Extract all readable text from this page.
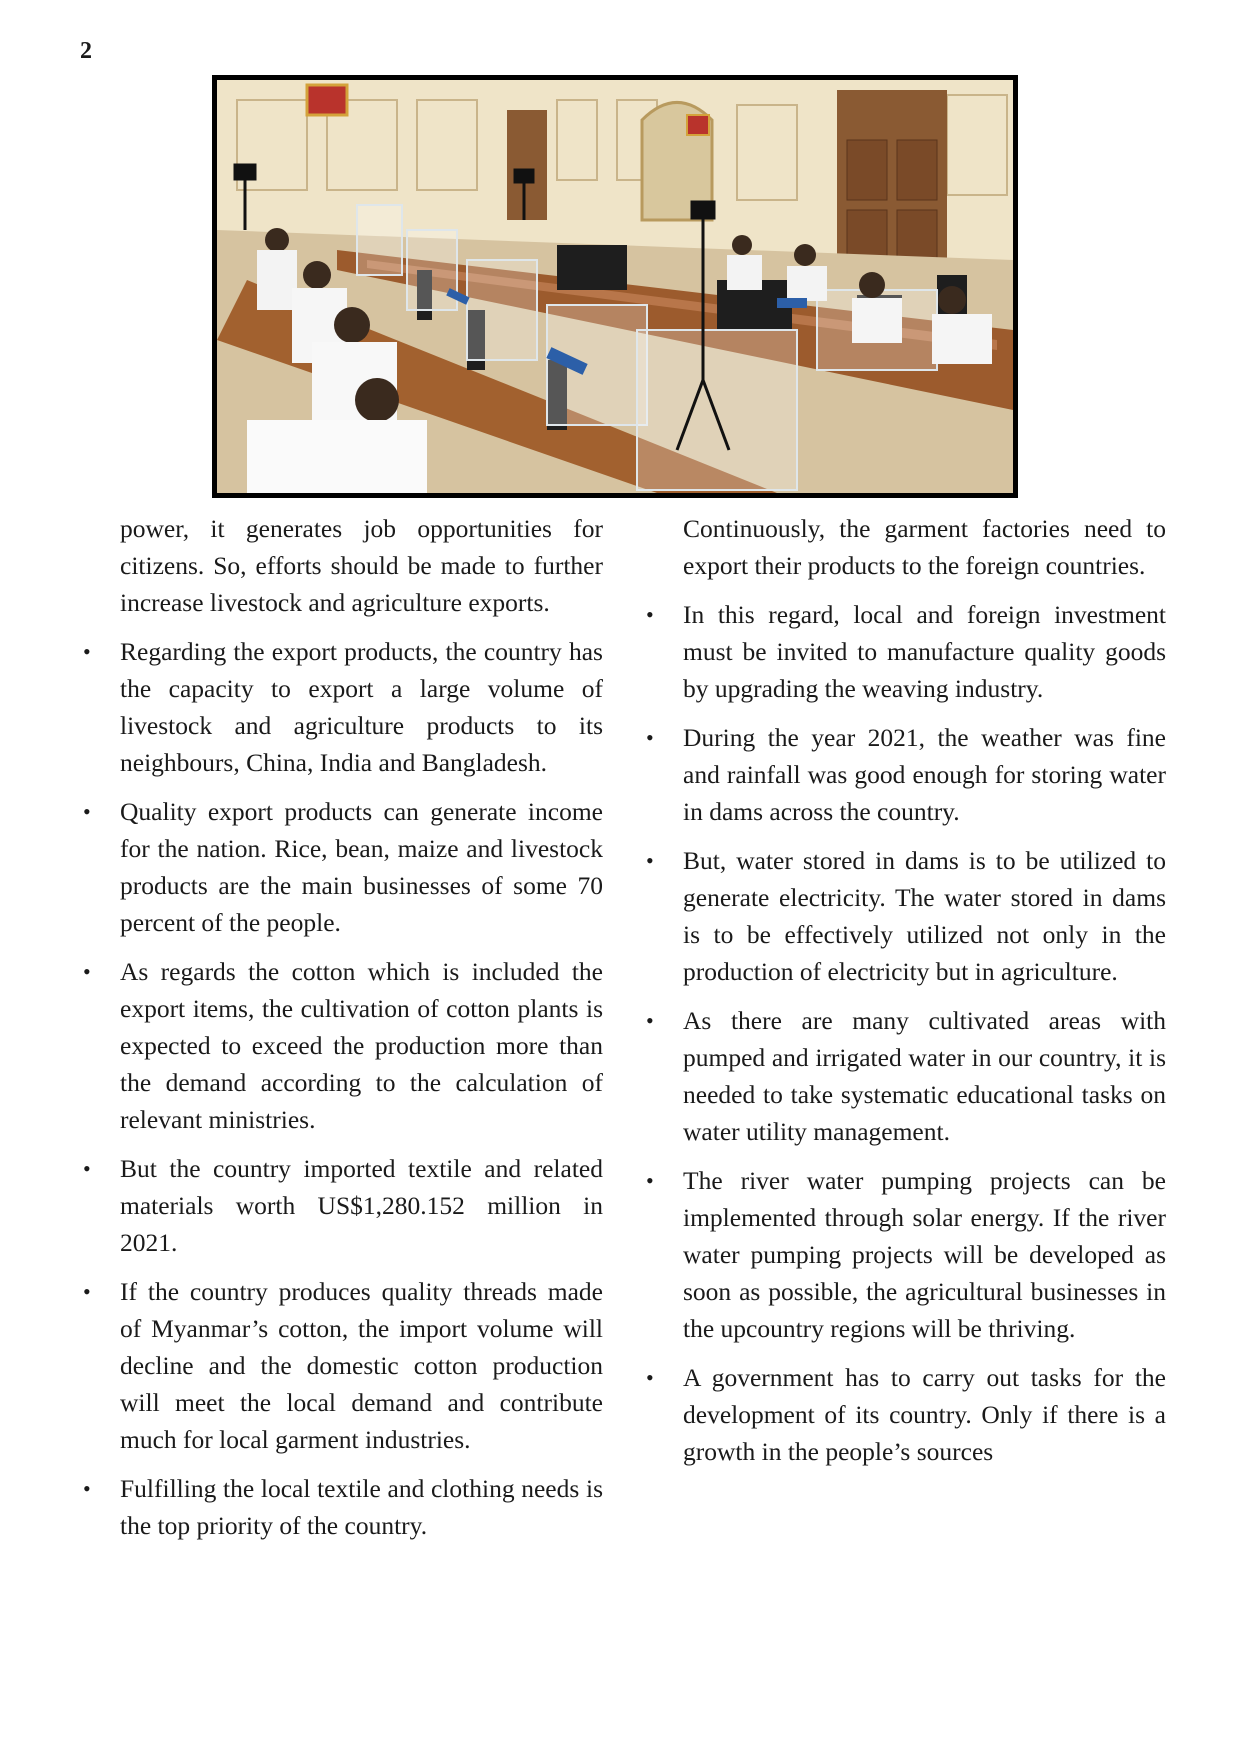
2

power, it generates job opportunities for citizens. So, efforts should be made to further increase livestock and agriculture exports.

• Regarding the export products, the country has the capacity to export a large volume of livestock and agriculture products to its neighbours, China, India and Bangladesh.
• Quality export products can generate income for the nation. Rice, bean, maize and livestock products are the main businesses of some 70 percent of the people.
• As regards the cotton which is included the export items, the cultivation of cotton plants is expected to exceed the production more than the demand according to the calculation of relevant ministries.
• But the country imported textile and related materials worth US$1,280.152 million in 2021.
• If the country produces quality threads made of Myanmar’s cotton, the import volume will decline and the domestic cotton production will meet the local demand and contribute much for local garment industries.
• Fulfilling the local textile and clothing needs is the top priority of the country.

Continuously, the garment factories need to export their products to the foreign countries.

• In this regard, local and foreign investment must be invited to manufacture quality goods by upgrading the weaving industry.
• During the year 2021, the weather was fine and rainfall was good enough for storing water in dams across the country.
• But, water stored in dams is to be utilized to generate electricity. The water stored in dams is to be effectively utilized not only in the production of electricity but in agriculture.
• As there are many cultivated areas with pumped and irrigated water in our country, it is needed to take systematic educational tasks on water utility management.
• The river water pumping projects can be implemented through solar energy. If the river water pumping projects will be developed as soon as possible, the agricultural businesses in the upcountry regions will be thriving.
• A government has to carry out tasks for the development of its country. Only if there is a growth in the people’s sources
